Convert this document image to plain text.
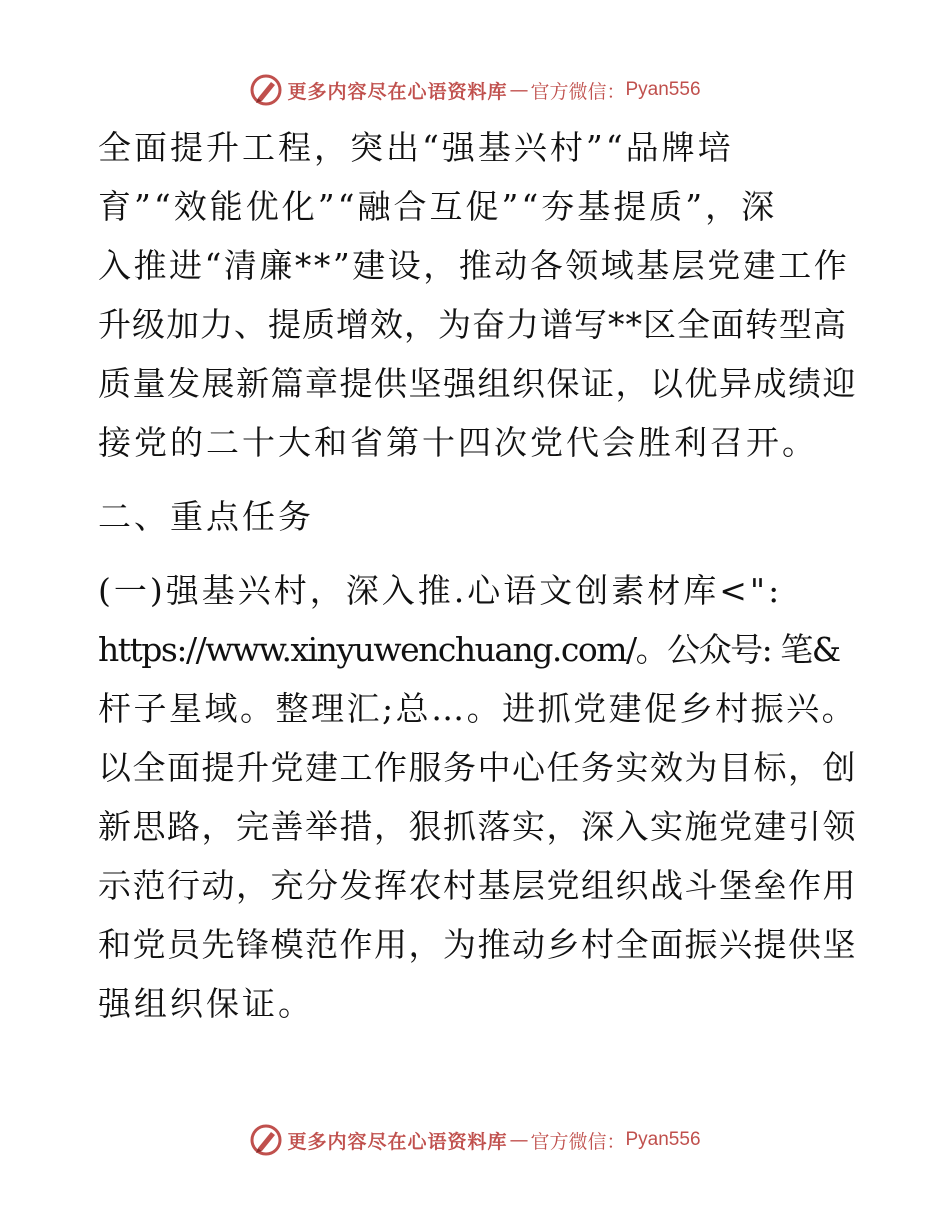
更多内容尽在心语资料库 — 官方微信： Pyan556
全面提升工程，突出“强基兴村”“品牌培
育”“效能优化”“融合互促”“夯基提质”，深
入推进“清廉**”建设，推动各领域基层党建工作
升级加力、提质增效，为奋力谱写**区全面转型高
质量发展新篇章提供坚强组织保证，以优异成绩迎
接党的二十大和省第十四次党代会胜利召开。
二、重点任务
(一)强基兴村，深入推.心语文创素材库<":
https://www.xinyuwenchuang.com/。公众号: 笔&
杆子星域。整理汇;总…。进抓党建促乡村振兴。
以全面提升党建工作服务中心任务实效为目标，创
新思路，完善举措，狠抓落实，深入实施党建引领
示范行动，充分发挥农村基层党组织战斗堡垒作用
和党员先锋模范作用，为推动乡村全面振兴提供坚
强组织保证。
更多内容尽在心语资料库 — 官方微信： Pyan556
